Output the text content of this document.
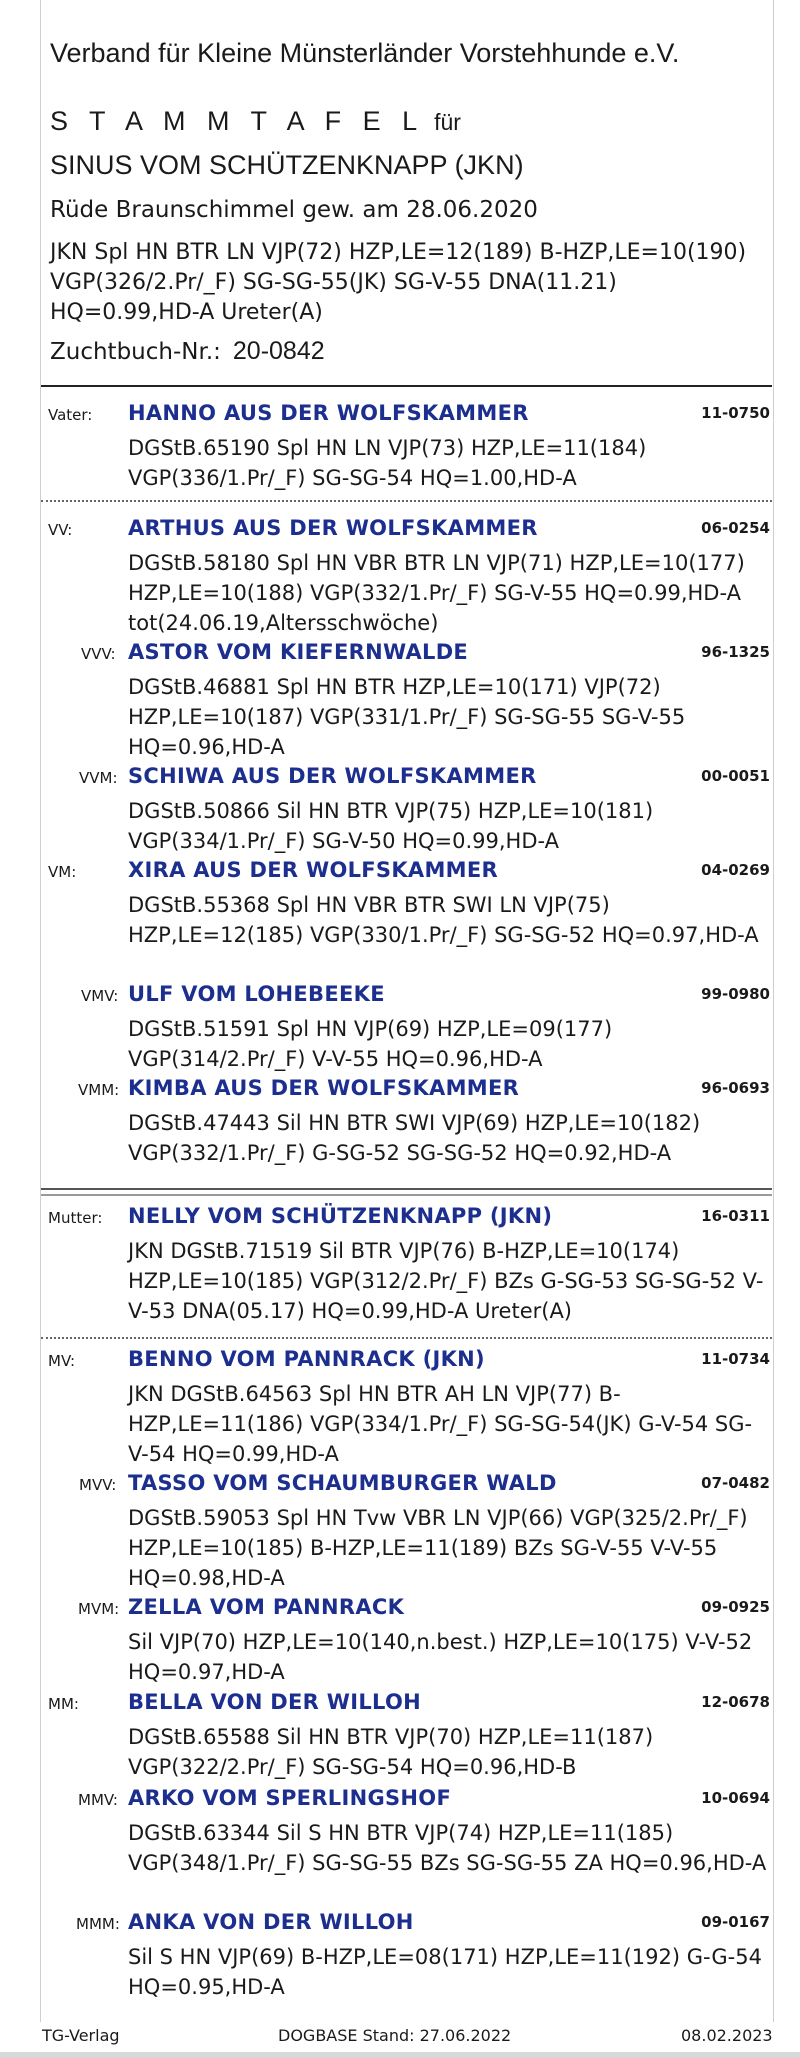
Verband für Kleine Münsterländer Vorstehhunde e.V.
S T A M M T A F E L für
SINUS VOM SCHÜTZENKNAPP (JKN)
Rüde Braunschimmel gew. am 28.06.2020
JKN Spl HN BTR LN VJP(72) HZP,LE=12(189) B-HZP,LE=10(190) VGP(326/2.Pr/_F) SG-SG-55(JK) SG-V-55 DNA(11.21) HQ=0.99,HD-A Ureter(A)
Zuchtbuch-Nr.: 20-0842
Vater: HANNO AUS DER WOLFSKAMMER	11-0750
DGStB.65190 Spl HN LN VJP(73) HZP,LE=11(184) VGP(336/1.Pr/_F) SG-SG-54 HQ=1.00,HD-A
VV:	ARTHUS AUS DER WOLFSKAMMER	06-0254
DGStB.58180 Spl HN VBR BTR LN VJP(71) HZP,LE=10(177) HZP,LE=10(188) VGP(332/1.Pr/_F) SG-V-55 HQ=0.99,HD-A tot(24.06.19,Altersschwöche)
VVV: ASTOR VOM KIEFERNWALDE	96-1325
DGStB.46881 Spl HN BTR HZP,LE=10(171) VJP(72) HZP,LE=10(187) VGP(331/1.Pr/_F) SG-SG-55 SG-V-55 HQ=0.96,HD-A
VVM: SCHIWA AUS DER WOLFSKAMMER	00-0051
DGStB.50866 Sil HN BTR VJP(75) HZP,LE=10(181) VGP(334/1.Pr/_F) SG-V-50 HQ=0.99,HD-A
VM: XIRA AUS DER WOLFSKAMMER	04-0269
DGStB.55368 Spl HN VBR BTR SWI LN VJP(75) HZP,LE=12(185) VGP(330/1.Pr/_F) SG-SG-52 HQ=0.97,HD-A
VMV: ULF VOM LOHEBEEKE	99-0980
DGStB.51591 Spl HN VJP(69) HZP,LE=09(177) VGP(314/2.Pr/_F) V-V-55 HQ=0.96,HD-A
VMM: KIMBA AUS DER WOLFSKAMMER	96-0693
DGStB.47443 Sil HN BTR SWI VJP(69) HZP,LE=10(182) VGP(332/1.Pr/_F) G-SG-52 SG-SG-52 HQ=0.92,HD-A
Mutter: NELLY VOM SCHÜTZENKNAPP (JKN)	16-0311
JKN DGStB.71519 Sil BTR VJP(76) B-HZP,LE=10(174) HZP,LE=10(185) VGP(312/2.Pr/_F) BZs G-SG-53 SG-SG-52 V-V-53 DNA(05.17) HQ=0.99,HD-A Ureter(A)
MV:	BENNO VOM PANNRACK (JKN)	11-0734
JKN DGStB.64563 Spl HN BTR AH LN VJP(77) B-HZP,LE=11(186) VGP(334/1.Pr/_F) SG-SG-54(JK) G-V-54 SG-V-54 HQ=0.99,HD-A
MVV: TASSO VOM SCHAUMBURGER WALD	07-0482
DGStB.59053 Spl HN Tvw VBR LN VJP(66) VGP(325/2.Pr/_F) HZP,LE=10(185) B-HZP,LE=11(189) BZs SG-V-55 V-V-55 HQ=0.98,HD-A
MVM: ZELLA VOM PANNRACK	09-0925
Sil VJP(70) HZP,LE=10(140,n.best.) HZP,LE=10(175) V-V-52 HQ=0.97,HD-A
MM: BELLA VON DER WILLOH	12-0678
DGStB.65588 Sil HN BTR VJP(70) HZP,LE=11(187) VGP(322/2.Pr/_F) SG-SG-54 HQ=0.96,HD-B
MMV: ARKO VOM SPERLINGSHOF	10-0694
DGStB.63344 Sil S HN BTR VJP(74) HZP,LE=11(185) VGP(348/1.Pr/_F) SG-SG-55 BZs SG-SG-55 ZA HQ=0.96,HD-A
MMM: ANKA VON DER WILLOH	09-0167
Sil S HN VJP(69) B-HZP,LE=08(171) HZP,LE=11(192) G-G-54 HQ=0.95,HD-A
TG-Verlag	DOGBASE Stand: 27.06.2022	08.02.2023
